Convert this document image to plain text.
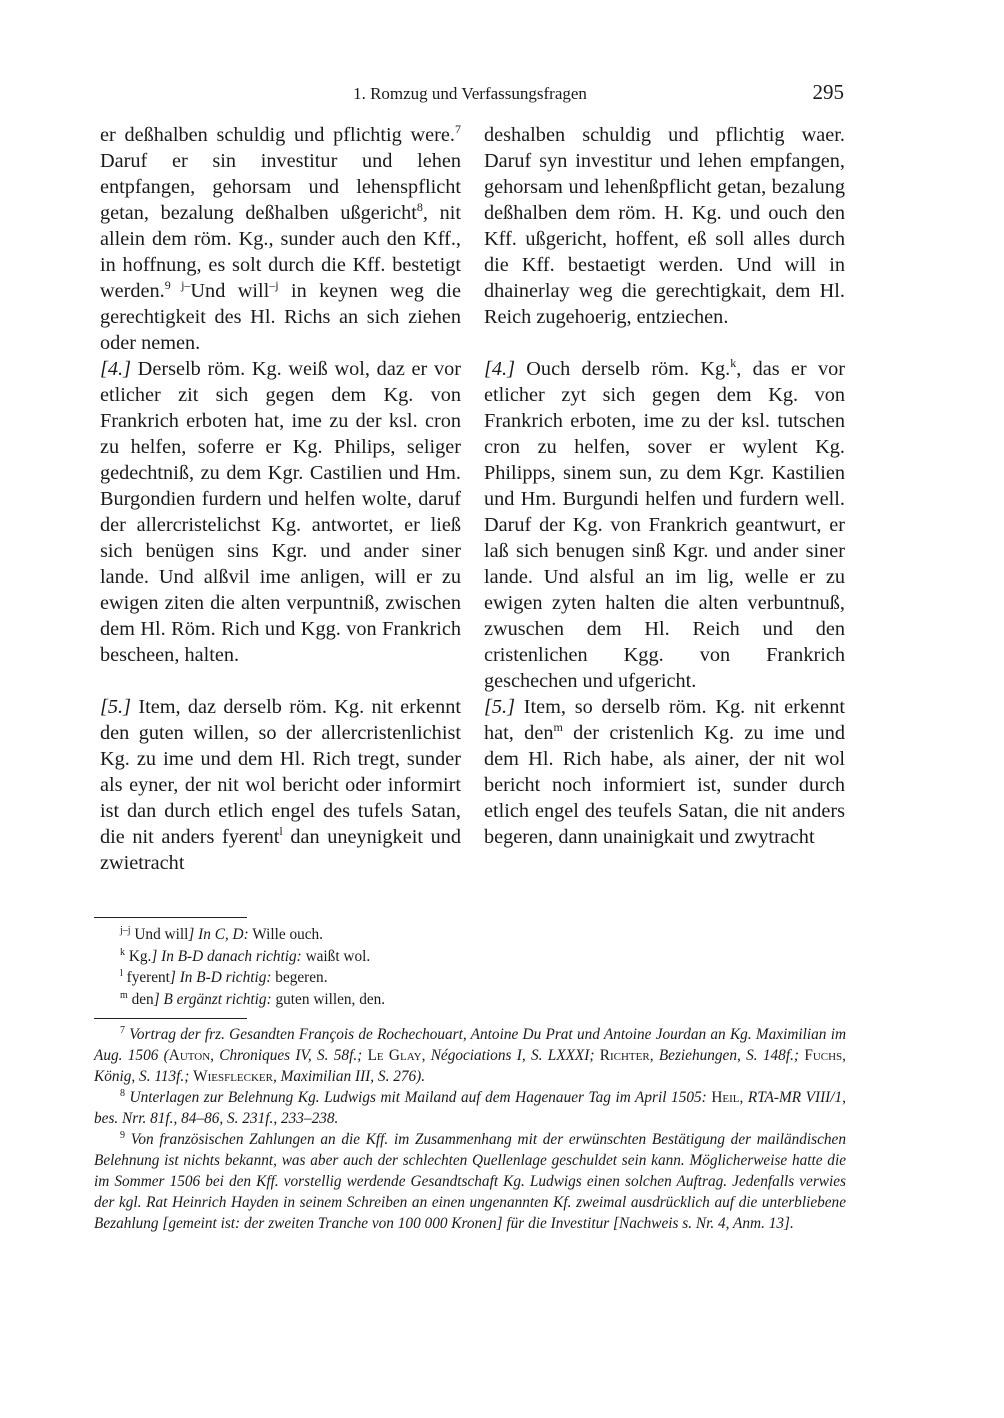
1. Romzug und Verfassungsfragen	295

er deßhalben schuldig und pflichtig were.$^7$ Daruf er sin investitur und lehen entpfangen, gehorsam und lehenspflicht getan, bezalung deßhalben ußgericht$^8$, nit allein dem röm. Kg., sunder auch den Kff., in hoffnung, es solt durch die Kff. bestetigt werden.$^9$ $^{j-}$Und will$^{-j}$ in keynen weg die gerechtigkeit des Hl. Richs an sich ziehen oder nemen.

[4.] Derselb röm. Kg. weiß wol, daz er vor etlicher zit sich gegen dem Kg. von Frankrich erboten hat, ime zu der ksl. cron zu helfen, soferre er Kg. Philips, seliger gedechtniß, zu dem Kgr. Castilien und Hm. Burgondien furdern und helfen wolte, daruf der allercristelichst Kg. antwortet, er ließ sich benügen sins Kgr. und ander siner lande. Und alßvil ime anligen, will er zu ewigen ziten die alten verpuntniß, zwischen dem Hl. Röm. Rich und Kgg. von Frankrich bescheen, halten.

[5.] Item, daz derselb röm. Kg. nit erkennt den guten willen, so der allercristenlichist Kg. zu ime und dem Hl. Rich tregt, sunder als eyner, der nit wol bericht oder informirt ist dan durch etlich engel des tufels Satan, die nit anders fyerent$^l$ dan uneynigkeit und zwietracht

deshalben schuldig und pflichtig waer. Daruf syn investitur und lehen empfangen, gehorsam und lehenßpflicht getan, bezalung deßhalben dem röm. H. Kg. und ouch den Kff. ußgericht, hoffent, eß soll alles durch die Kff. bestaetigt werden. Und will in dhainerlay weg die gerechtigkait, dem Hl. Reich zugehoerig, entziechen.

[4.] Ouch derselb röm. Kg.$^k$, das er vor etlicher zyt sich gegen dem Kg. von Frankrich erboten, ime zu der ksl. tutschen cron zu helfen, sover er wylent Kg. Philipps, sinem sun, zu dem Kgr. Kastilien und Hm. Burgundi helfen und furdern well. Daruf der Kg. von Frankrich geantwurt, er laß sich benugen sinß Kgr. und ander siner lande. Und alsful an im lig, welle er zu ewigen zyten halten die alten verbuntnuß, zwuschen dem Hl. Reich und den cristenlichen Kgg. von Frankrich geschechen und ufgericht.

[5.] Item, so derselb röm. Kg. nit erkennt hat, den$^m$ der cristenlich Kg. zu ime und dem Hl. Rich habe, als ainer, der nit wol bericht noch informiert ist, sunder durch etlich engel des teufels Satan, die nit anders begeren, dann unainigkait und zwytracht

$^{j-j}$ Und will] In C, D: Wille ouch.
$^k$ Kg.] In B-D danach richtig: waißt wol.
$^l$ fyerent] In B-D richtig: begeren.
$^m$ den] B ergänzt richtig: guten willen, den.

$^7$ Vortrag der frz. Gesandten François de Rochechouart, Antoine Du Prat und Antoine Jourdan an Kg. Maximilian im Aug. 1506 (Auton, Chroniques IV, S. 58f.; Le Glay, Négociations I, S. LXXXI; Richter, Beziehungen, S. 148f.; Fuchs, König, S. 113f.; Wiesflecker, Maximilian III, S. 276).

$^8$ Unterlagen zur Belehnung Kg. Ludwigs mit Mailand auf dem Hagenauer Tag im April 1505: Heil, RTA-MR VIII/1, bes. Nrr. 81f., 84–86, S. 231f., 233–238.

$^9$ Von französischen Zahlungen an die Kff. im Zusammenhang mit der erwünschten Bestätigung der mailändischen Belehnung ist nichts bekannt, was aber auch der schlechten Quellenlage geschuldet sein kann. Möglicherweise hatte die im Sommer 1506 bei den Kff. vorstellig werdende Gesandtschaft Kg. Ludwigs einen solchen Auftrag. Jedenfalls verwies der kgl. Rat Heinrich Hayden in seinem Schreiben an einen ungenannten Kf. zweimal ausdrücklich auf die unterbliebene Bezahlung [gemeint ist: der zweiten Tranche von 100 000 Kronen] für die Investitur [Nachweis s. Nr. 4, Anm. 13].
